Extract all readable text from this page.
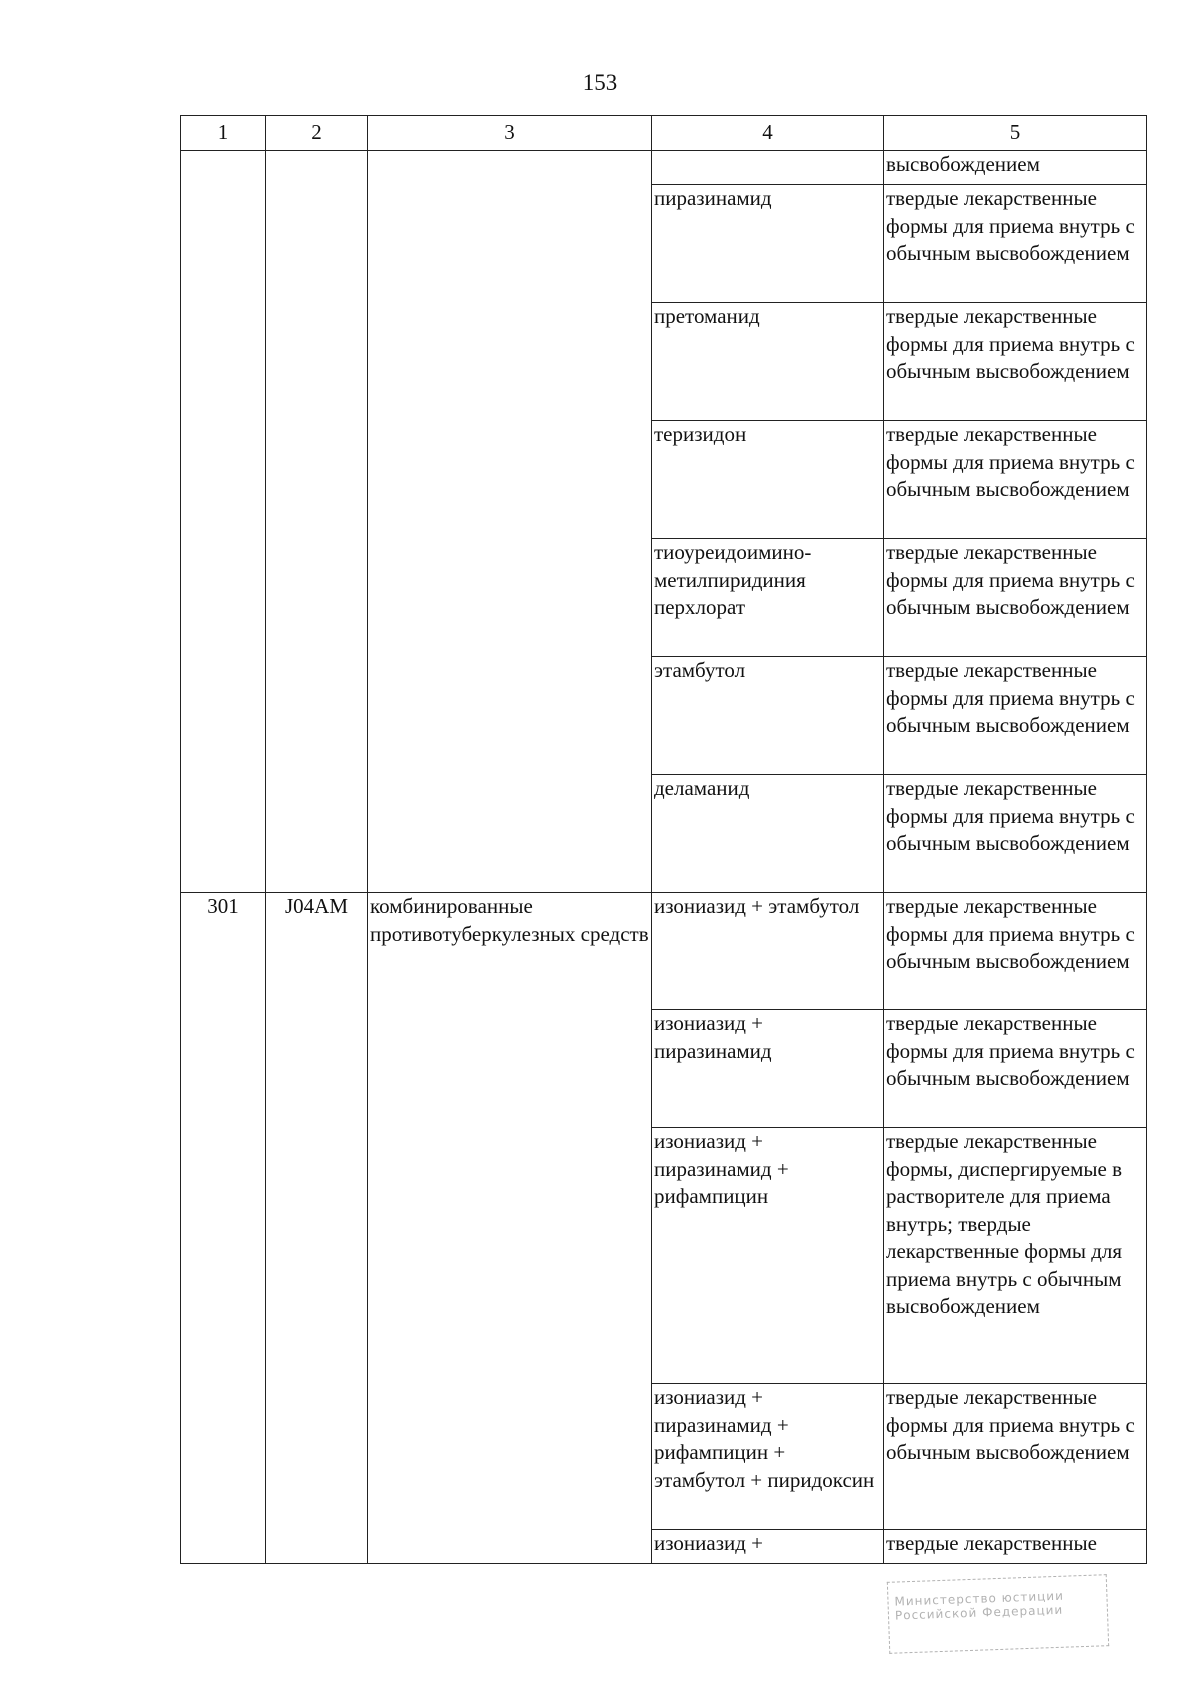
153
1	2	3	4	5
				высвобождением
			пиразинамид	твердые лекарственные формы для приема внутрь с обычным высвобождением
			претоманид	твердые лекарственные формы для приема внутрь с обычным высвобождением
			теризидон	твердые лекарственные формы для приема внутрь с обычным высвобождением
			тиоуреидоимино-метилпиридиния перхлорат	твердые лекарственные формы для приема внутрь с обычным высвобождением
			этамбутол	твердые лекарственные формы для приема внутрь с обычным высвобождением
			деламанид	твердые лекарственные формы для приема внутрь с обычным высвобождением
301	J04AM	комбинированные противотуберкулезных средств	изониазид + этамбутол	твердые лекарственные формы для приема внутрь с обычным высвобождением
			изониазид + пиразинамид	твердые лекарственные формы для приема внутрь с обычным высвобождением
			изониазид + пиразинамид + рифампицин	твердые лекарственные формы, диспергируемые в растворителе для приема внутрь; твердые лекарственные формы для приема внутрь с обычным высвобождением
			изониазид + пиразинамид + рифампицин + этамбутол + пиридоксин	твердые лекарственные формы для приема внутрь с обычным высвобождением
			изониазид +	твердые лекарственные
Министерство юстиции
Российской Федерации
